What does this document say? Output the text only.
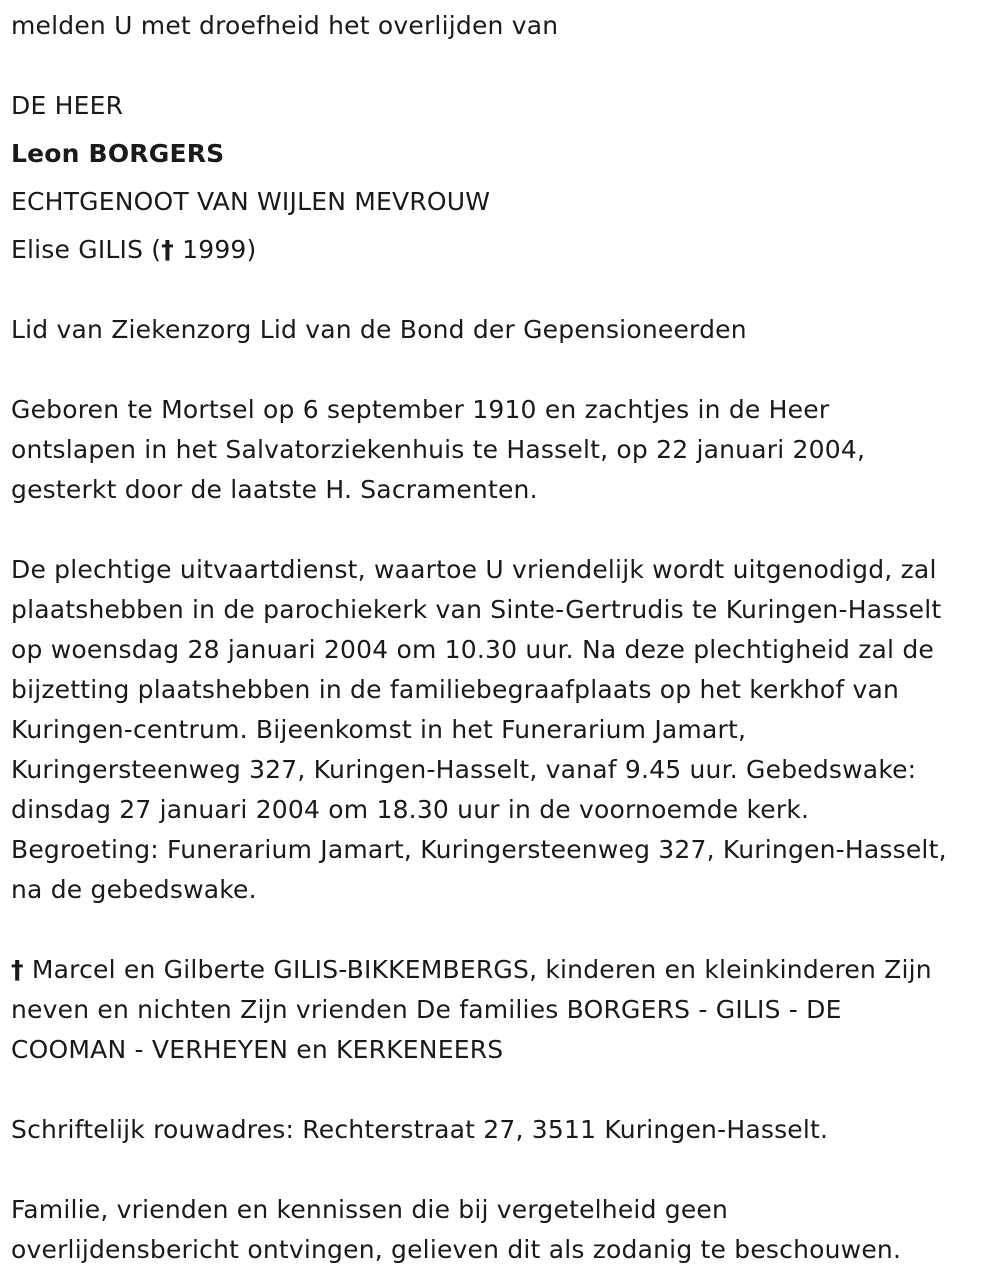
melden U met droefheid het overlijden van
DE HEER
Leon BORGERS
ECHTGENOOT VAN WIJLEN MEVROUW
Elise GILIS († 1999)
Lid van Ziekenzorg Lid van de Bond der Gepensioneerden
Geboren te Mortsel op 6 september 1910 en zachtjes in de Heer
ontslapen in het Salvatorziekenhuis te Hasselt, op 22 januari 2004,
gesterkt door de laatste H. Sacramenten.
De plechtige uitvaartdienst, waartoe U vriendelijk wordt uitgenodigd, zal
plaatshebben in de parochiekerk van Sinte-Gertrudis te Kuringen-Hasselt
op woensdag 28 januari 2004 om 10.30 uur. Na deze plechtigheid zal de
bijzetting plaatshebben in de familiebegraafplaats op het kerkhof van
Kuringen-centrum. Bijeenkomst in het Funerarium Jamart,
Kuringersteenweg 327, Kuringen-Hasselt, vanaf 9.45 uur. Gebedswake:
dinsdag 27 januari 2004 om 18.30 uur in de voornoemde kerk.
Begroeting: Funerarium Jamart, Kuringersteenweg 327, Kuringen-Hasselt,
na de gebedswake.
† Marcel en Gilberte GILIS-BIKKEMBERGS, kinderen en kleinkinderen Zijn
neven en nichten Zijn vrienden De families BORGERS - GILIS - DE
COOMAN - VERHEYEN en KERKENEERS
Schriftelijk rouwadres: Rechterstraat 27, 3511 Kuringen-Hasselt.
Familie, vrienden en kennissen die bij vergetelheid geen
overlijdensbericht ontvingen, gelieven dit als zodanig te beschouwen.
